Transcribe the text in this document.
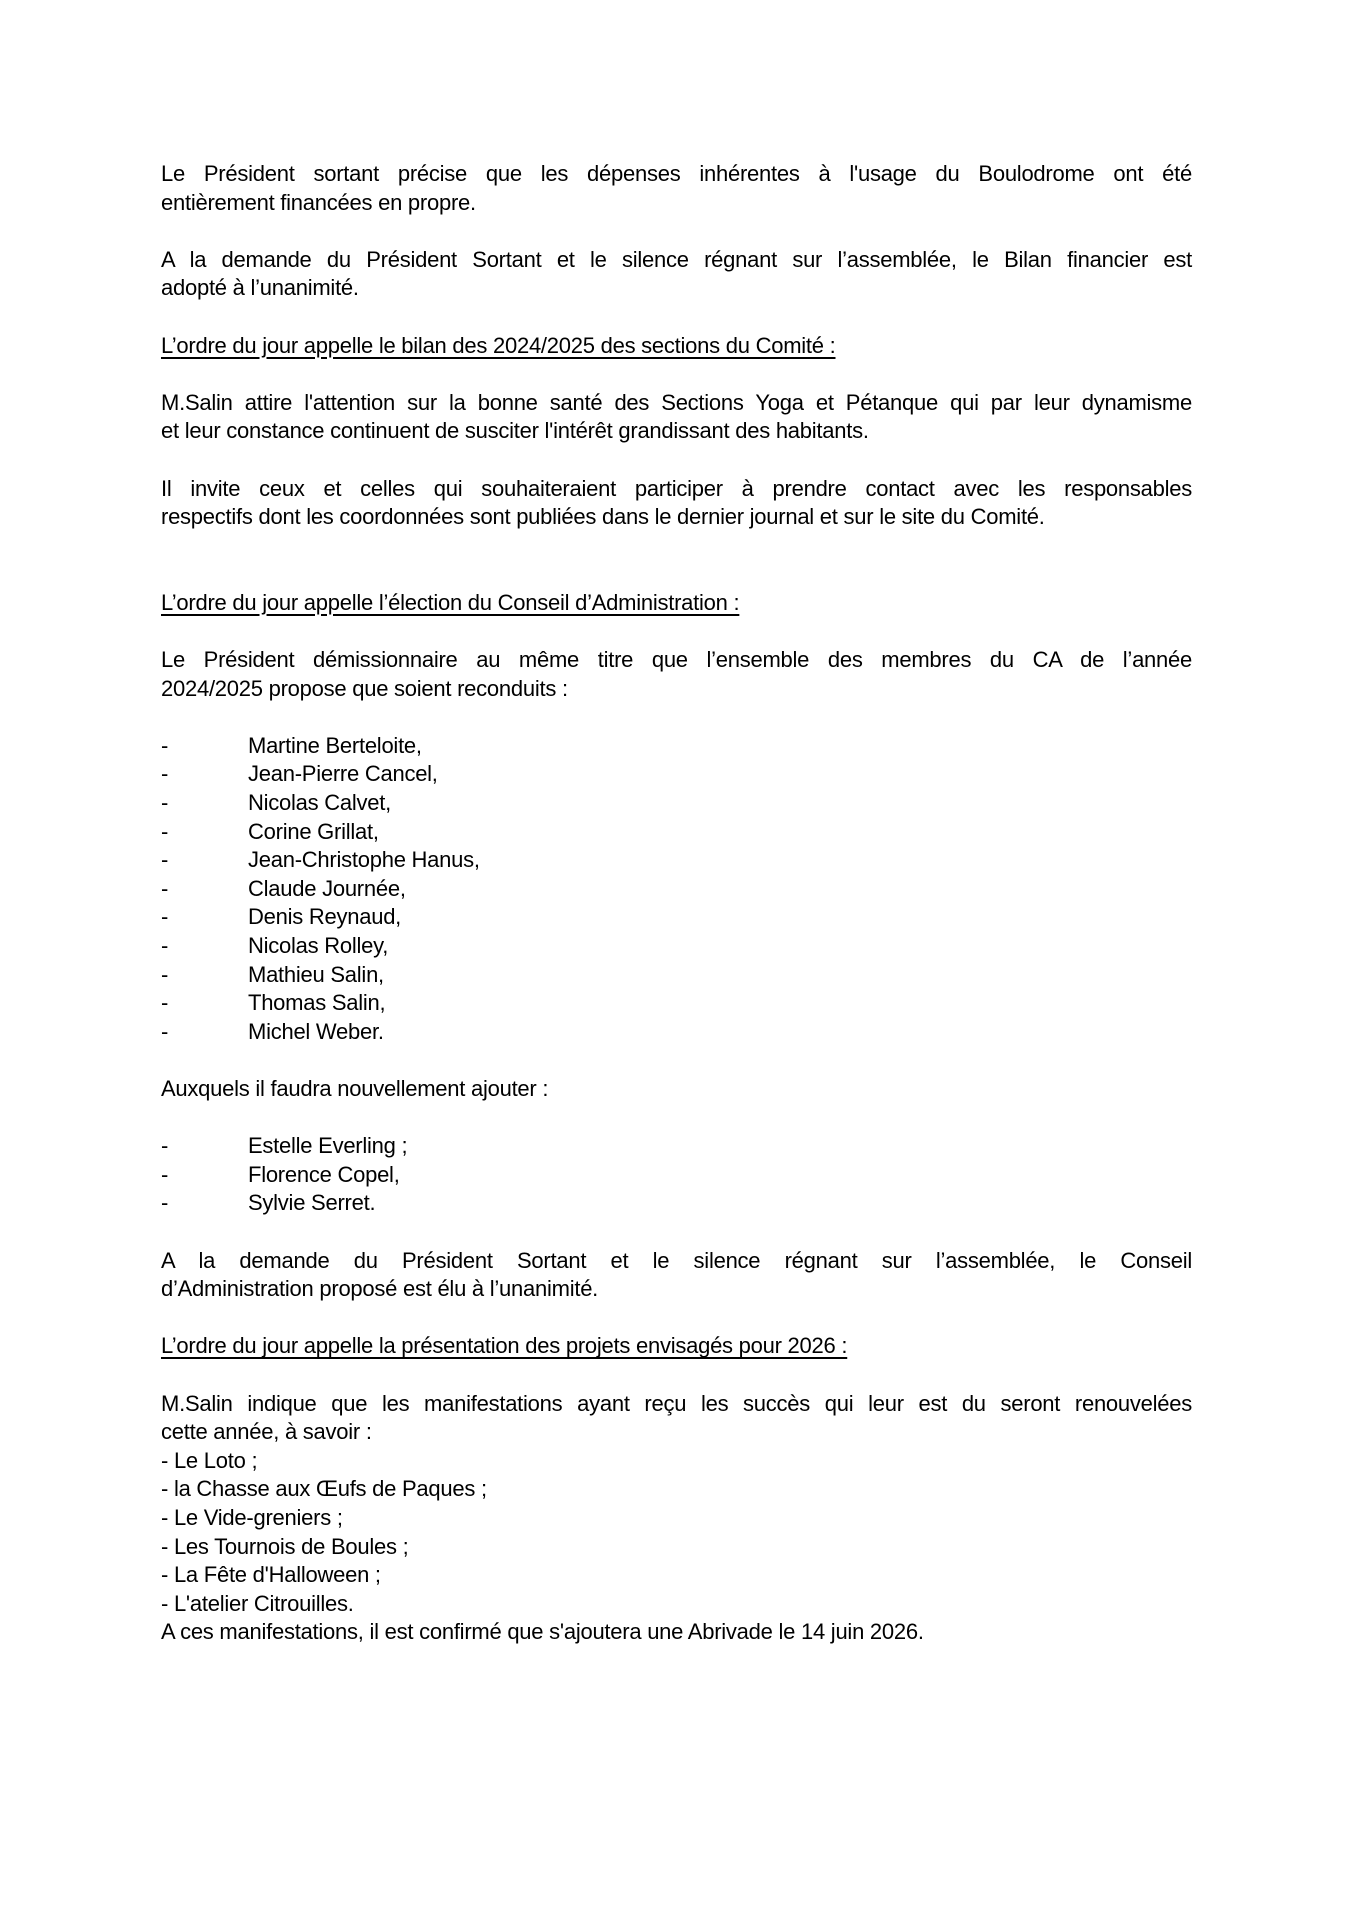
Le Président sortant précise que les dépenses inhérentes à l'usage du Boulodrome ont été
entièrement financées en propre.
A la demande du Président Sortant et le silence régnant sur l’assemblée, le Bilan financier est
adopté à l’unanimité.
L’ordre du jour appelle le bilan des 2024/2025 des sections du Comité :
M.Salin attire l'attention sur la bonne santé des Sections Yoga et Pétanque qui par leur dynamisme
et leur constance continuent de susciter l'intérêt grandissant des habitants.
Il invite ceux et celles qui souhaiteraient participer à prendre contact avec les responsables
respectifs dont les coordonnées sont publiées dans le dernier journal et sur le site du Comité.
L’ordre du jour appelle l’élection du Conseil d’Administration :
Le Président démissionnaire au même titre que l’ensemble des membres du CA de l’année
2024/2025 propose que soient reconduits :
-	Martine Berteloite,
-	Jean-Pierre Cancel,
-	Nicolas Calvet,
-	Corine Grillat,
-	Jean-Christophe Hanus,
-	Claude Journée,
-	Denis Reynaud,
-	Nicolas Rolley,
-	Mathieu Salin,
-	Thomas Salin,
-	Michel Weber.
Auxquels il faudra nouvellement ajouter :
-	Estelle Everling ;
-	Florence Copel,
-	Sylvie Serret.
A la demande du Président Sortant et le silence régnant sur l’assemblée, le Conseil
d’Administration proposé est élu à l’unanimité.
L’ordre du jour appelle la présentation des projets envisagés pour 2026 :
M.Salin indique que les manifestations ayant reçu les succès qui leur est du seront renouvelées
cette année, à savoir :
- Le Loto ;
- la Chasse aux Œufs de Paques ;
- Le Vide-greniers ;
- Les Tournois de Boules ;
- La Fête d'Halloween ;
- L'atelier Citrouilles.
A ces manifestations, il est confirmé que s'ajoutera une Abrivade le 14 juin 2026.
